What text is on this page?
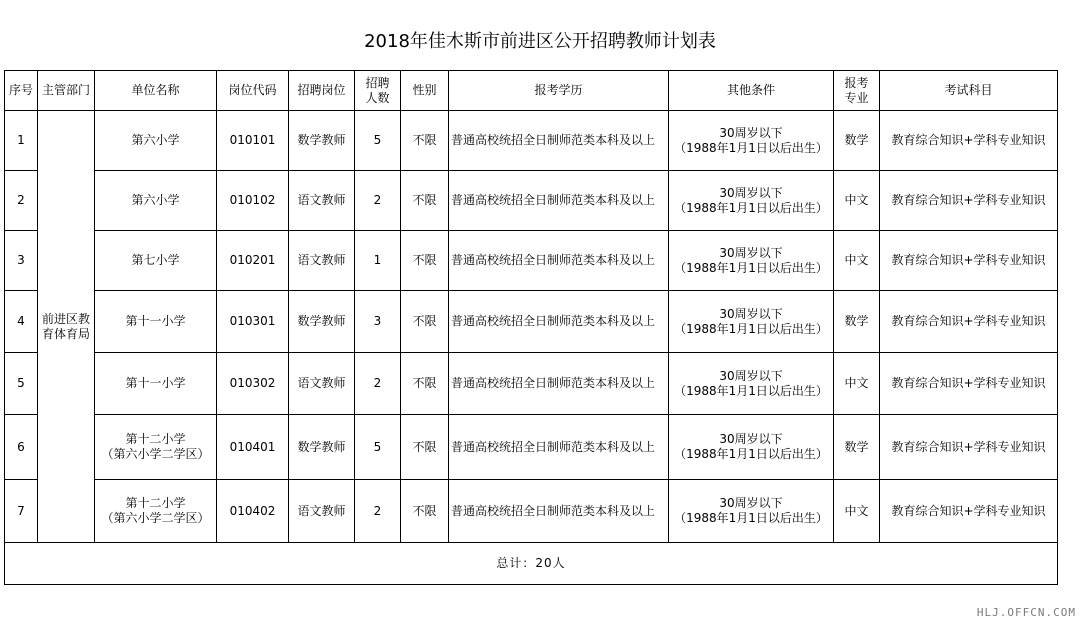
2018年佳木斯市前进区公开招聘教师计划表
序号	主管部门	单位名称	岗位代码	招聘岗位	招聘
人数	性别	报考学历	其他条件	报考
专业	考试科目
1	前进区教育体育局	第六小学	010101	数学教师	5	不限	普通高校统招全日制师范类本科及以上	30周岁以下
（1988年1月1日以后出生）	数学	教育综合知识+学科专业知识
2		第六小学	010102	语文教师	2	不限	普通高校统招全日制师范类本科及以上	30周岁以下
（1988年1月1日以后出生）	中文	教育综合知识+学科专业知识
3		第七小学	010201	语文教师	1	不限	普通高校统招全日制师范类本科及以上	30周岁以下
（1988年1月1日以后出生）	中文	教育综合知识+学科专业知识
4		第十一小学	010301	数学教师	3	不限	普通高校统招全日制师范类本科及以上	30周岁以下
（1988年1月1日以后出生）	数学	教育综合知识+学科专业知识
5		第十一小学	010302	语文教师	2	不限	普通高校统招全日制师范类本科及以上	30周岁以下
（1988年1月1日以后出生）	中文	教育综合知识+学科专业知识
6		第十二小学
（第六小学二学区）	010401	数学教师	5	不限	普通高校统招全日制师范类本科及以上	30周岁以下
（1988年1月1日以后出生）	数学	教育综合知识+学科专业知识
7		第十二小学
（第六小学二学区）	010402	语文教师	2	不限	普通高校统招全日制师范类本科及以上	30周岁以下
（1988年1月1日以后出生）	中文	教育综合知识+学科专业知识
总计：20人										
HLJ.OFFCN.COM
